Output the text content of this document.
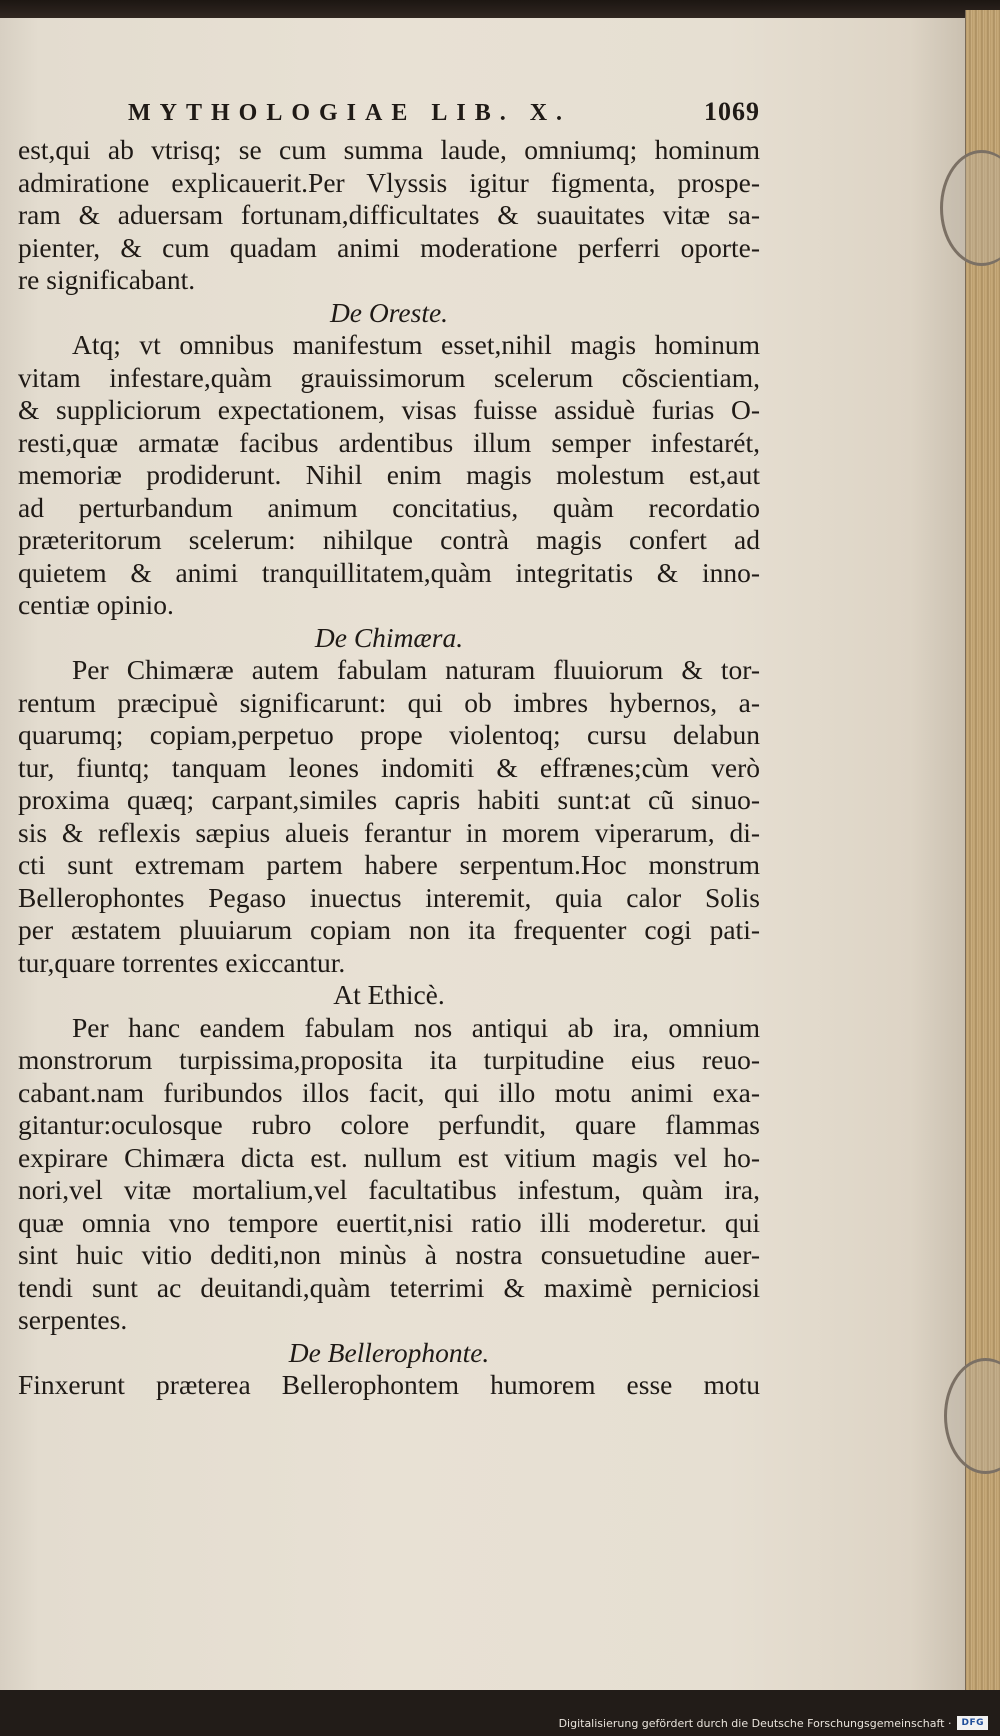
MYTHOLOGIAE LIB. X.	1069
est,qui ab vtrisq; se cum summa laude, omniumq; hominum
admiratione explicauerit.Per Vlyssis igitur figmenta, prospe-
ram & aduersam fortunam,difficultates & suauitates vitæ sa-
pienter, & cum quadam animi moderatione perferri oporte-
re significabant.
De Oreste.
Atq; vt omnibus manifestum esset,nihil magis hominum
vitam infestare,quàm grauissimorum scelerum cõscientiam,
& suppliciorum expectationem, visas fuisse assiduè furias O-
resti,quæ armatæ facibus ardentibus illum semper infestarét,
memoriæ prodiderunt. Nihil enim magis molestum est,aut
ad perturbandum animum concitatius, quàm recordatio
præteritorum scelerum: nihilque contrà magis confert ad
quietem & animi tranquillitatem,quàm integritatis & inno-
centiæ opinio.
De Chimæra.
Per Chimæræ autem fabulam naturam fluuiorum & tor-
rentum præcipuè significarunt: qui ob imbres hybernos, a-
quarumq; copiam,perpetuo prope violentoq; cursu delabun
tur, fiuntq; tanquam leones indomiti & effrænes;cùm verò
proxima quæq; carpant,similes capris habiti sunt:at cũ sinuo-
sis & reflexis sæpius alueis ferantur in morem viperarum, di-
cti sunt extremam partem habere serpentum.Hoc monstrum
Bellerophontes Pegaso inuectus interemit, quia calor Solis
per æstatem pluuiarum copiam non ita frequenter cogi pati-
tur,quare torrentes exiccantur.
At Ethicè.
Per hanc eandem fabulam nos antiqui ab ira, omnium
monstrorum turpissima,proposita ita turpitudine eius reuo-
cabant.nam furibundos illos facit, qui illo motu animi exa-
gitantur:oculosque rubro colore perfundit, quare flammas
expirare Chimæra dicta est. nullum est vitium magis vel ho-
nori,vel vitæ mortalium,vel facultatibus infestum, quàm ira,
quæ omnia vno tempore euertit,nisi ratio illi moderetur. qui
sint huic vitio dediti,non minùs à nostra consuetudine auer-
tendi sunt ac deuitandi,quàm teterrimi & maximè perniciosi
serpentes.
De Bellerophonte.
Finxerunt præterea Bellerophontem humorem esse motu
Digitalisierung gefördert durch die Deutsche Forschungsgemeinschaft ·	DFG
